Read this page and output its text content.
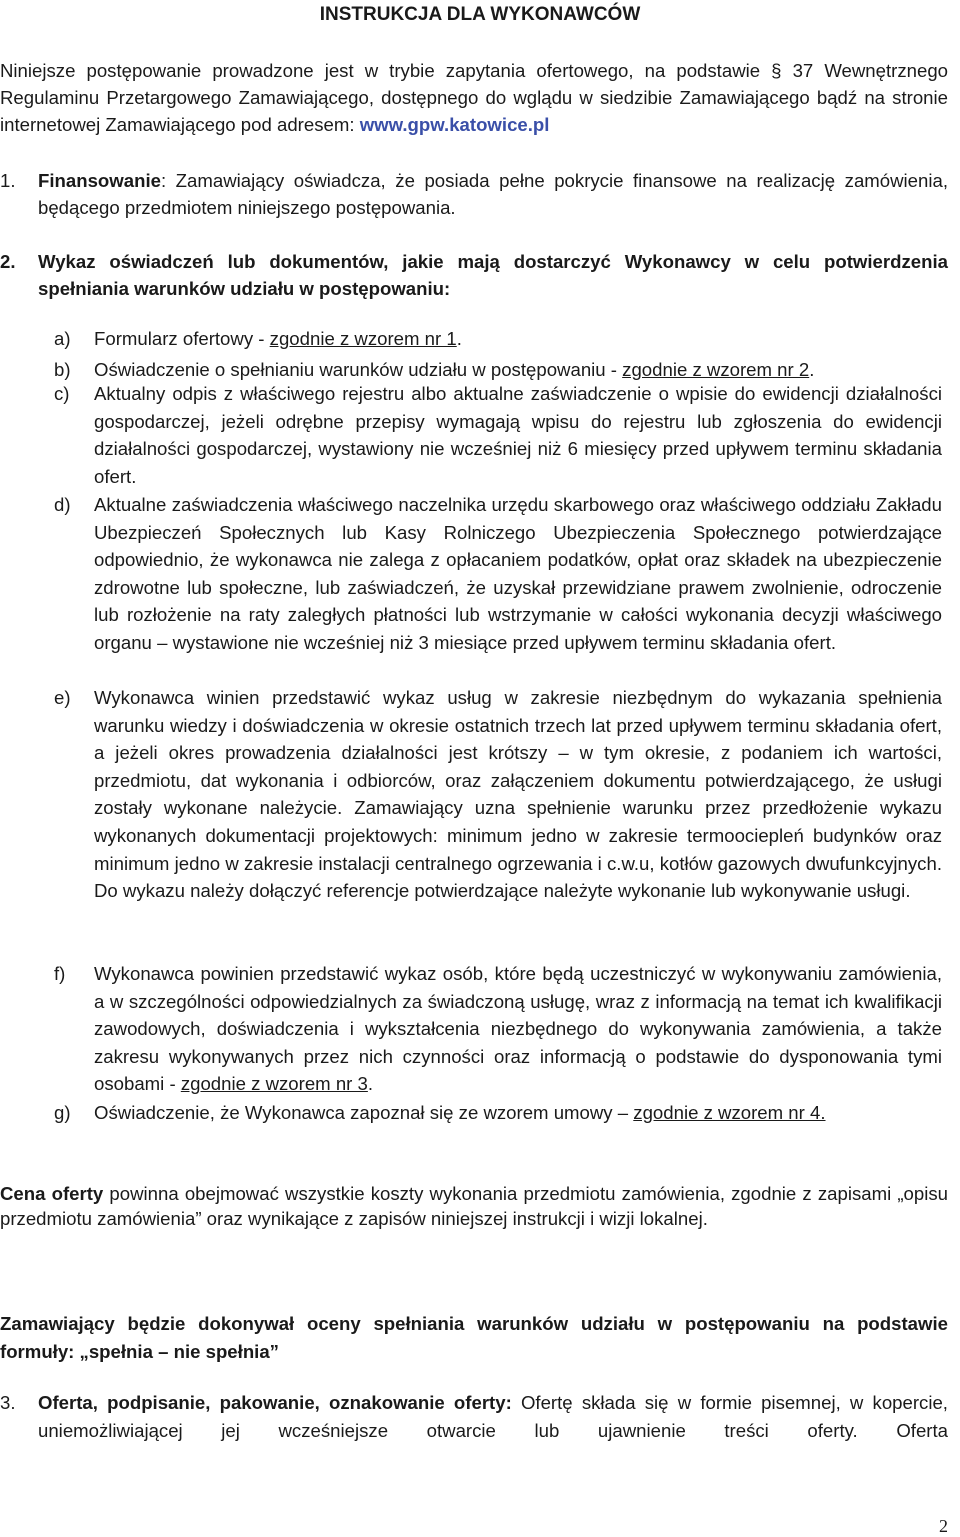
INSTRUKCJA DLA WYKONAWCÓW

Niniejsze postępowanie prowadzone jest w trybie zapytania ofertowego, na podstawie § 37 Wewnętrznego Regulaminu Przetargowego Zamawiającego, dostępnego do wglądu w siedzibie Zamawiającego bądź na stronie internetowej Zamawiającego pod adresem: www.gpw.katowice.pl

1. Finansowanie: Zamawiający oświadcza, że posiada pełne pokrycie finansowe na realizację zamówienia, będącego przedmiotem niniejszego postępowania.

2. Wykaz oświadczeń lub dokumentów, jakie mają dostarczyć Wykonawcy w celu potwierdzenia spełniania warunków udziału w postępowaniu:

a) Formularz ofertowy - zgodnie z wzorem nr 1.

b) Oświadczenie o spełnianiu warunków udziału w postępowaniu - zgodnie z wzorem nr 2.

c) Aktualny odpis z właściwego rejestru albo aktualne zaświadczenie o wpisie do ewidencji działalności gospodarczej, jeżeli odrębne przepisy wymagają wpisu do rejestru lub zgłoszenia do ewidencji działalności gospodarczej, wystawiony nie wcześniej niż 6 miesięcy przed upływem terminu składania ofert.

d) Aktualne zaświadczenia właściwego naczelnika urzędu skarbowego oraz właściwego oddziału Zakładu Ubezpieczeń Społecznych lub Kasy Rolniczego Ubezpieczenia Społecznego potwierdzające odpowiednio, że wykonawca nie zalega z opłacaniem podatków, opłat oraz składek na ubezpieczenie zdrowotne lub społeczne, lub zaświadczeń, że uzyskał przewidziane prawem zwolnienie, odroczenie lub rozłożenie na raty zaległych płatności lub wstrzymanie w całości wykonania decyzji właściwego organu – wystawione nie wcześniej niż 3 miesiące przed upływem terminu składania ofert.

e) Wykonawca winien przedstawić wykaz usług w zakresie niezbędnym do wykazania spełnienia warunku wiedzy i doświadczenia w okresie ostatnich trzech lat przed upływem terminu składania ofert, a jeżeli okres prowadzenia działalności jest krótszy – w tym okresie, z podaniem ich wartości, przedmiotu, dat wykonania i odbiorców, oraz załączeniem dokumentu potwierdzającego, że usługi zostały wykonane należycie. Zamawiający uzna spełnienie warunku przez przedłożenie wykazu wykonanych dokumentacji projektowych: minimum jedno w zakresie termoociepleń budynków oraz minimum jedno w zakresie instalacji centralnego ogrzewania i c.w.u, kotłów gazowych dwufunkcyjnych. Do wykazu należy dołączyć referencje potwierdzające należyte wykonanie lub wykonywanie usługi.

f) Wykonawca powinien przedstawić wykaz osób, które będą uczestniczyć w wykonywaniu zamówienia, a w szczególności odpowiedzialnych za świadczoną usługę, wraz z informacją na temat ich kwalifikacji zawodowych, doświadczenia i wykształcenia niezbędnego do wykonywania zamówienia, a także zakresu wykonywanych przez nich czynności oraz informacją o podstawie do dysponowania tymi osobami - zgodnie z wzorem nr 3.

g) Oświadczenie, że Wykonawca zapoznał się ze wzorem umowy – zgodnie z wzorem nr 4.

Cena oferty powinna obejmować wszystkie koszty wykonania przedmiotu zamówienia, zgodnie z zapisami „opisu przedmiotu zamówienia” oraz wynikające z zapisów niniejszej instrukcji i wizji lokalnej.

Zamawiający będzie dokonywał oceny spełniania warunków udziału w postępowaniu na podstawie formuły: „spełnia – nie spełnia”

3. Oferta, podpisanie, pakowanie, oznakowanie oferty: Ofertę składa się w formie pisemnej, w kopercie, uniemożliwiającej jej wcześniejsze otwarcie lub ujawnienie treści oferty. Oferta

2
